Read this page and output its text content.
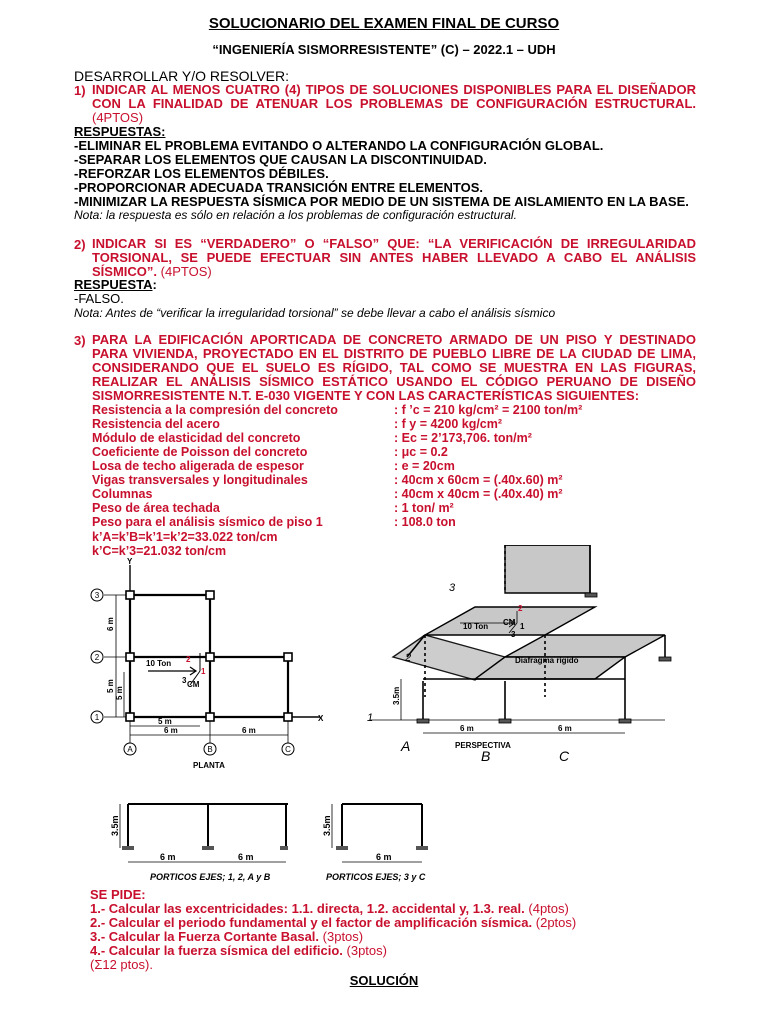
SOLUCIONARIO DEL EXAMEN FINAL DE CURSO
“INGENIERÍA SISMORRESISTENTE” (C) – 2022.1 – UDH
DESARROLLAR Y/O RESOLVER:
1) INDICAR AL MENOS CUATRO (4) TIPOS DE SOLUCIONES DISPONIBLES PARA EL DISEÑADOR CON LA FINALIDAD DE ATENUAR LOS PROBLEMAS DE CONFIGURACIÓN ESTRUCTURAL. (4PTOS)
RESPUESTAS:
-ELIMINAR EL PROBLEMA EVITANDO O ALTERANDO LA CONFIGURACIÓN GLOBAL.
-SEPARAR LOS ELEMENTOS QUE CAUSAN LA DISCONTINUIDAD.
-REFORZAR LOS ELEMENTOS DÉBILES.
-PROPORCIONAR ADECUADA TRANSICIÓN ENTRE ELEMENTOS.
-MINIMIZAR LA RESPUESTA SÍSMICA POR MEDIO DE UN SISTEMA DE AISLAMIENTO EN LA BASE.
Nota: la respuesta es sólo en relación a los problemas de configuración estructural.
2) INDICAR SI ES “VERDADERO” O “FALSO” QUE: “LA VERIFICACIÓN DE IRREGULARIDAD TORSIONAL, SE PUEDE EFECTUAR SIN ANTES HABER LLEVADO A CABO EL ANÁLISIS SÍSMICO”. (4PTOS)
RESPUESTA:
-FALSO.
Nota: Antes de “verificar la irregularidad torsional” se debe llevar a cabo el análisis sísmico
3) PARA LA EDIFICACIÓN APORTICADA DE CONCRETO ARMADO DE UN PISO Y DESTINADO PARA VIVIENDA, PROYECTADO EN EL DISTRITO DE PUEBLO LIBRE DE LA CIUDAD DE LIMA, CONSIDERANDO QUE EL SUELO ES RÍGIDO, TAL COMO SE MUESTRA EN LAS FIGURAS, REALIZAR EL ANÁLISIS SÍSMICO ESTÁTICO USANDO EL CÓDIGO PERUANO DE DISEÑO SISMORRESISTENTE N.T. E-030 VIGENTE Y CON LAS CARACTERÍSTICAS SIGUIENTES:
Resistencia a la compresión del concreto	: f ’c = 210 kg/cm² = 2100 ton/m²
Resistencia del acero	: f y = 4200 kg/cm²
Módulo de elasticidad del concreto	: Ec = 2’173,706. ton/m²
Coeficiente de Poisson del concreto	: μc = 0.2
Losa de techo aligerada de espesor	: e = 20cm
Vigas transversales y longitudinales	: 40cm x 60cm = (.40x.60) m²
Columnas	: 40cm x 40cm = (.40x.40) m²
Peso de área techada	: 1 ton/ m²
Peso para el análisis sísmico de piso 1	: 108.0 ton
k’A=k’B=k’1=k’2=33.022 ton/cm
k’C=k’3=21.032 ton/cm
3
2
1
A	B	C
Y
X
6 m
5 m
5 m
5 m
6 m	6 m
10 Ton
CM
2
3
1
PLANTA
3
2
1
A
B	C
10 Ton CM
Diafragma rígido
3.5m
6 m	6 m
PERSPECTIVA
2
3
1
3.5m
6 m	6 m
PORTICOS EJES; 1, 2, A y B
3.5m
6 m
PORTICOS EJES; 3 y C
SE PIDE:
1.- Calcular las excentricidades: 1.1. directa, 1.2. accidental y, 1.3. real. (4ptos)
2.- Calcular el periodo fundamental y el factor de amplificación sísmica. (2ptos)
3.- Calcular la Fuerza Cortante Basal. (3ptos)
4.- Calcular la fuerza sísmica del edificio. (3ptos)
(Σ12 ptos).
SOLUCIÓN
